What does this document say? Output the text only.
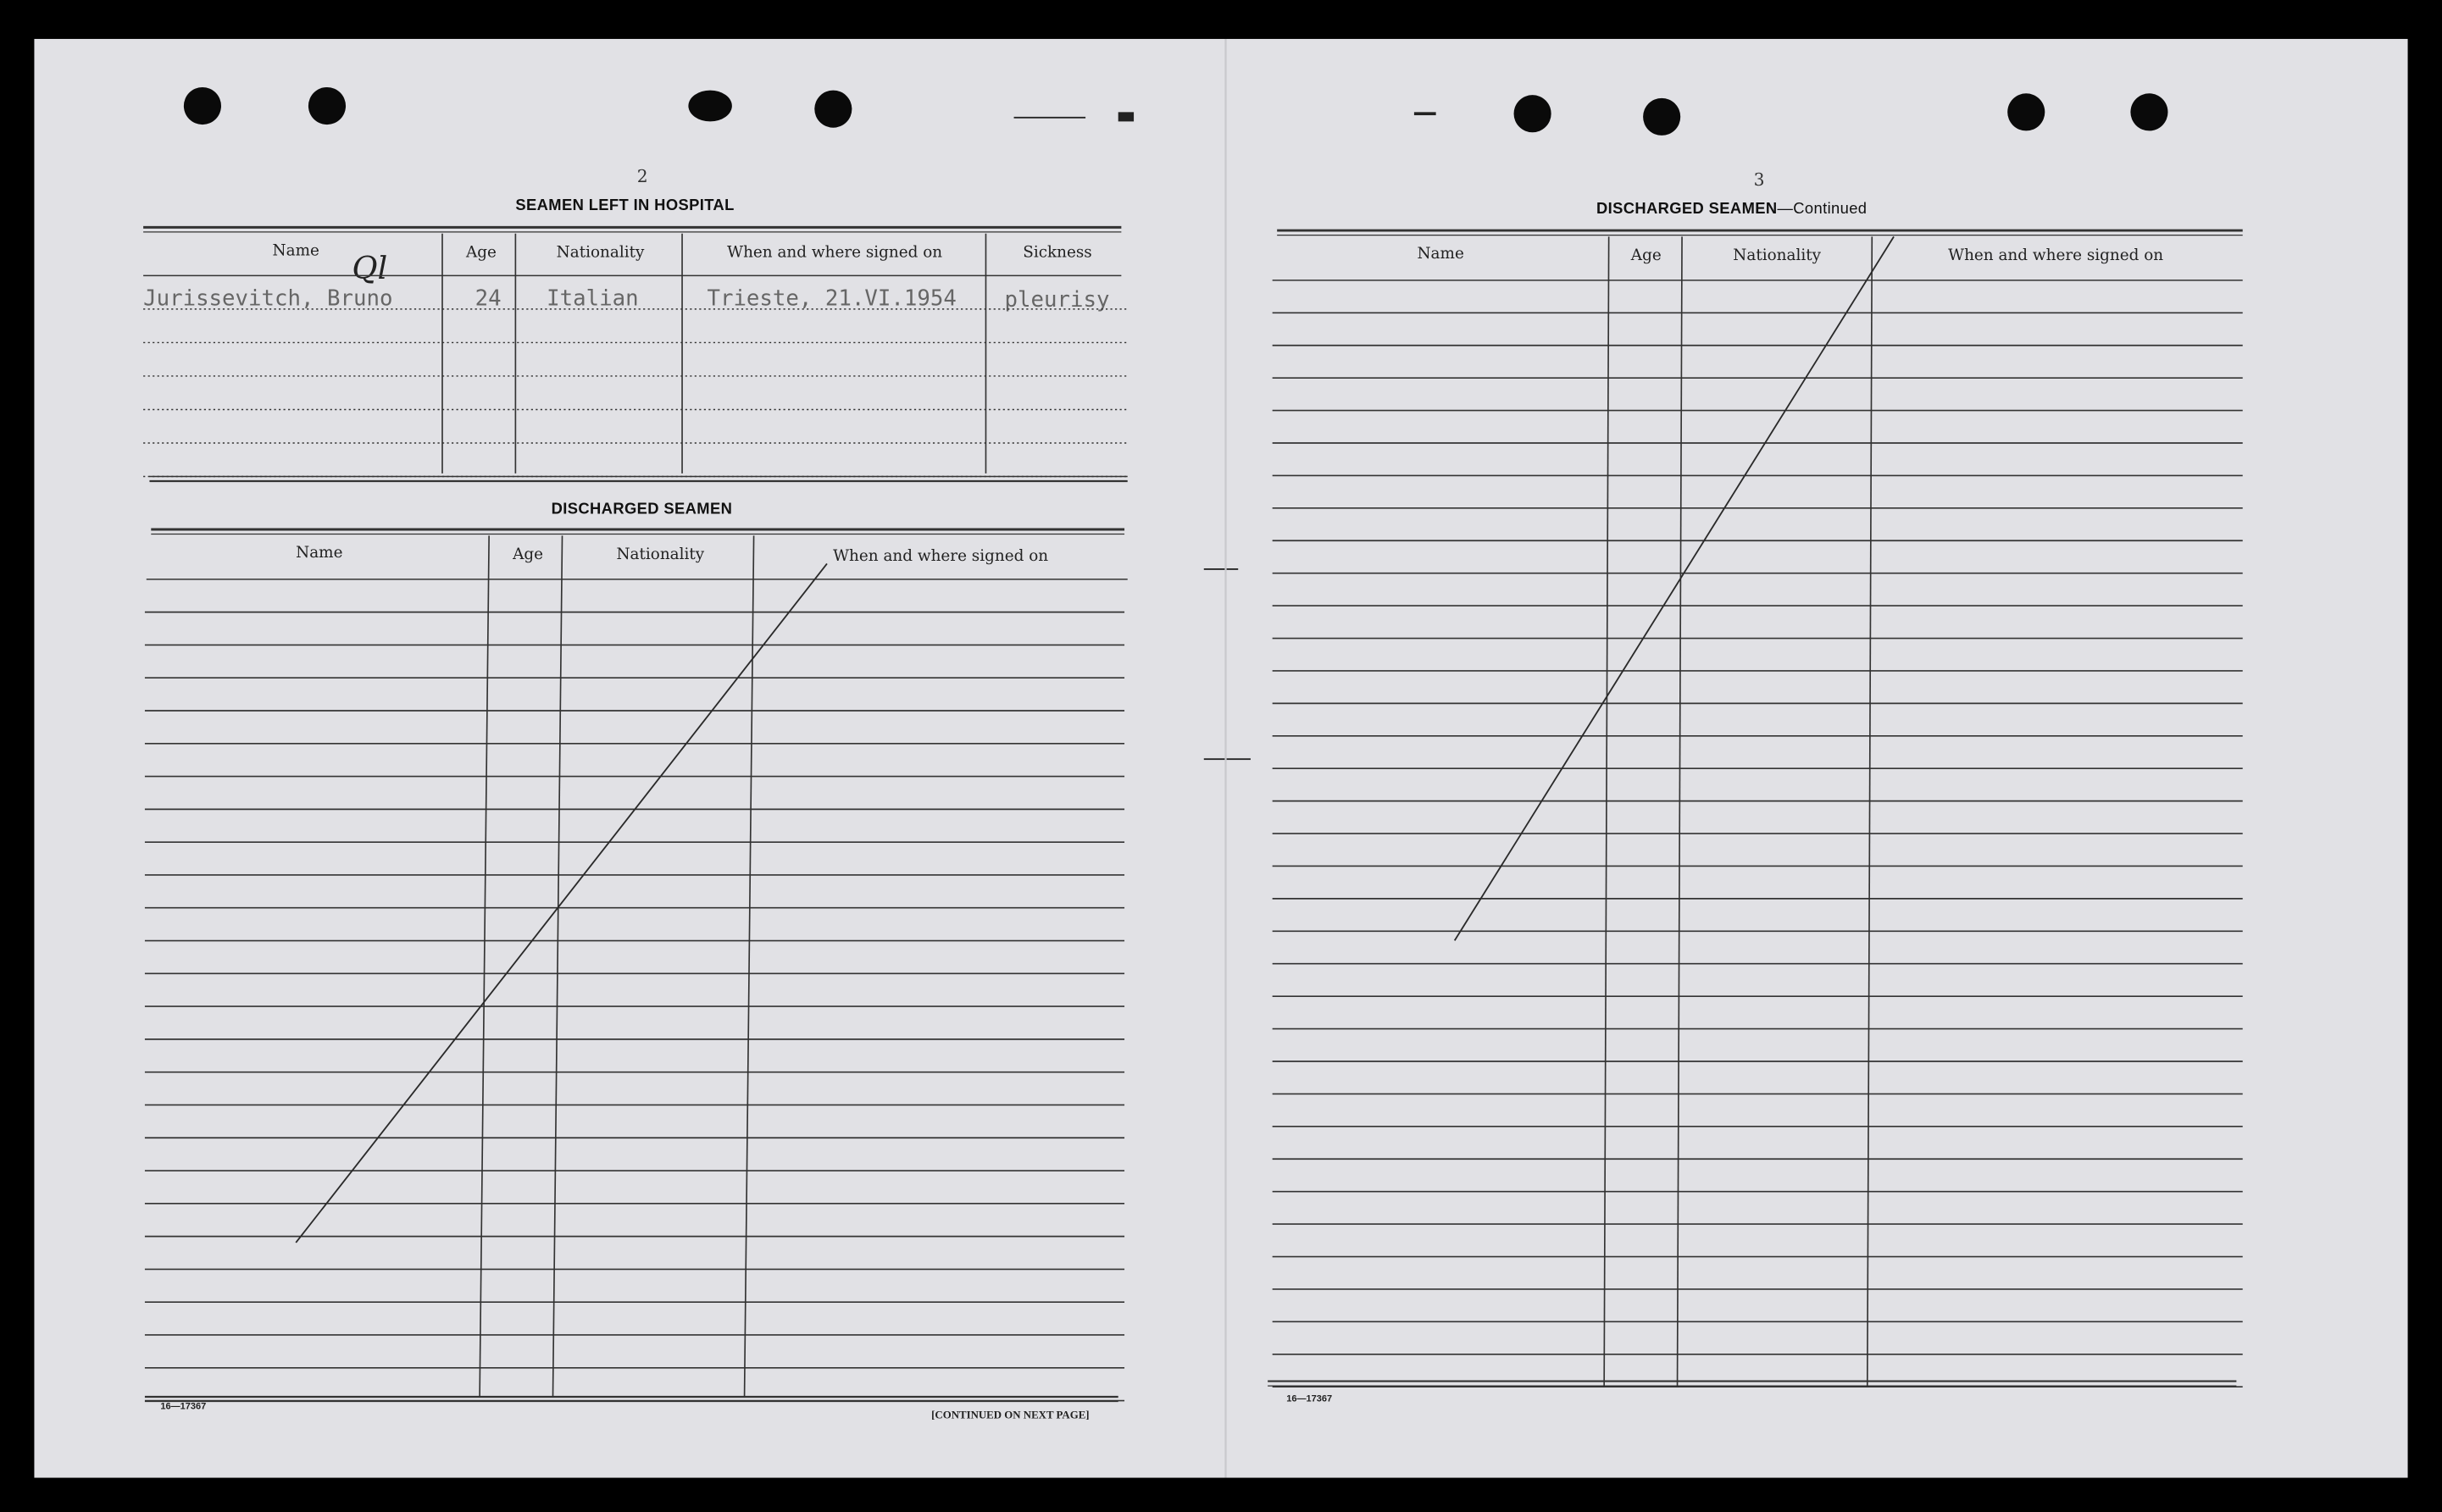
2
SEAMEN LEFT IN HOSPITAL
Name	Age	Nationality	When and where signed on	Sickness
Ql
Jurissevitch, Bruno	24	Italian	Trieste, 21.VI.1954	pleurisy
DISCHARGED SEAMEN
Name	Age	Nationality	When and where signed on
16—17367
[CONTINUED ON NEXT PAGE]
3
DISCHARGED SEAMEN—Continued
Name	Age	Nationality	When and where signed on
16—17367
